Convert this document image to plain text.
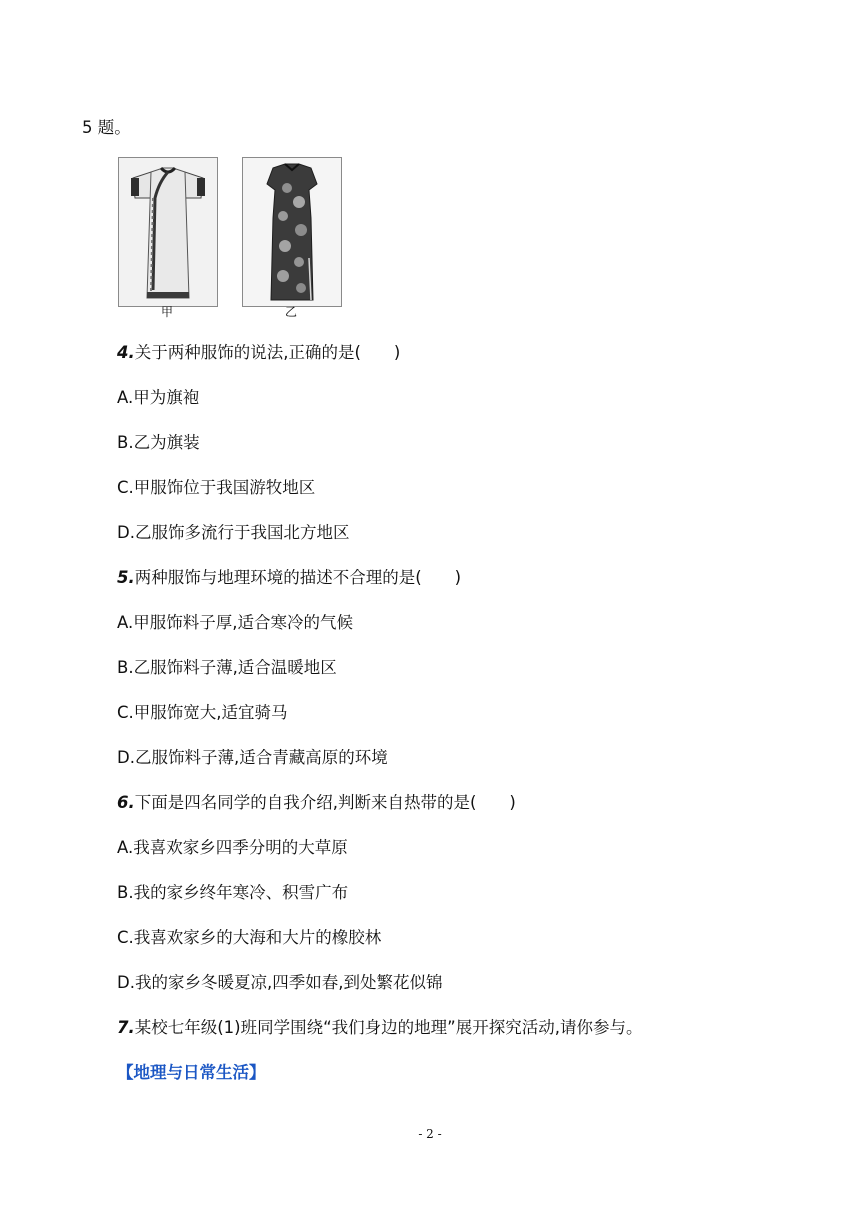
5 题。
甲	乙
4.关于两种服饰的说法,正确的是(　　)
A.甲为旗袍
B.乙为旗装
C.甲服饰位于我国游牧地区
D.乙服饰多流行于我国北方地区
5.两种服饰与地理环境的描述不合理的是(　　)
A.甲服饰料子厚,适合寒冷的气候
B.乙服饰料子薄,适合温暖地区
C.甲服饰宽大,适宜骑马
D.乙服饰料子薄,适合青藏高原的环境
6.下面是四名同学的自我介绍,判断来自热带的是(　　)
A.我喜欢家乡四季分明的大草原
B.我的家乡终年寒冷、积雪广布
C.我喜欢家乡的大海和大片的橡胶林
D.我的家乡冬暖夏凉,四季如春,到处繁花似锦
7.某校七年级(1)班同学围绕“我们身边的地理”展开探究活动,请你参与。
【地理与日常生活】
- 2 -
